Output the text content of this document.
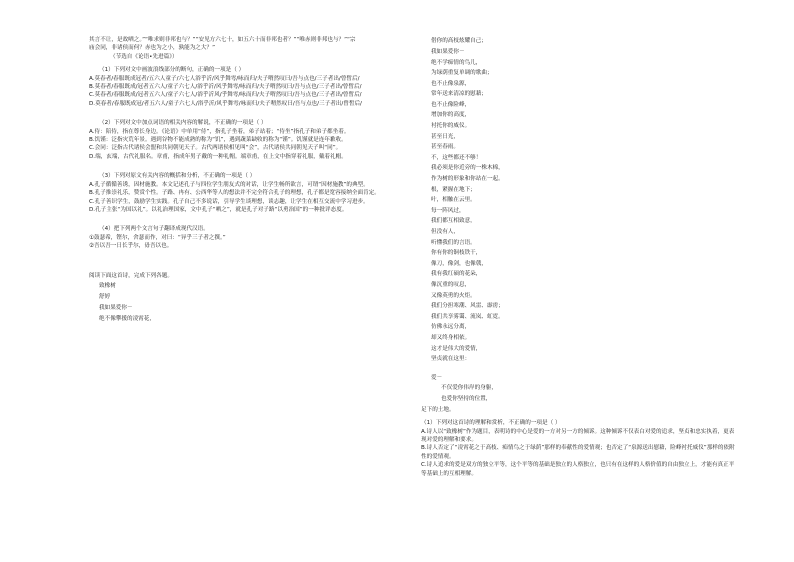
其言不让，是故哂之。”“唯求则非邦也与？”“安见方六七十，如五六十而非邦也者？”“唯赤则非邦也与？”“宗

庙会同，非诸侯而何？赤也为之小，孰能为之大？”

（节选自《论语•先进篇》）

（1）下列对文中画波浪线部分的断句，正确的一项是（ ）

A.莫春者/春服既成冠者/五六人童子/六七人浴乎沂/风乎舞雩/咏而归/夫子喟然叹曰/吾与点也/三子者出/曾皙后/

B.莫春者/春服既成/冠者五六人/童子六七人/浴乎沂/风乎舞雩/咏而归/夫子喟然叹曰/吾与点也/三子者出/曾皙后/

C.莫春者/春服既成/冠者五六人/童子六七人/浴乎沂风/乎舞雩/咏而归/夫子喟然叹曰/吾与点也/三子者出/曾皙后/

D.莫春者/春服既成冠/者五六人/童子六七人/浴乎沂/风乎舞雩/咏而归/夫子喟然叹曰/吾与点也/三子者出/曾皙后/

（2）下列对文中加点词语的相关内容的解说，不正确的一项是（ ）

A.侍：陪侍，指在尊长身边。《论语》中单用“侍”，指孔子坐着，弟子站着；“侍坐”指孔子和弟子都坐着。

B.饥馑：泛指灾荒年景。遇到谷物不能成熟的称为“饥”，遇到蔬菜缺收的称为“馑”。饥馑就是连年歉收。

C.会同：泛指古代诸侯会盟和共同朝见天子。古代两诸侯相见叫“会”，古代诸侯共同朝见天子叫“同”。

D.端，玄端，古代礼服名。章甫，指成年男子戴的一种礼帽。端章甫，在上文中指穿着礼服，戴着礼帽。

（3）下列对原文有关内容的概括和分析，不正确的一项是（ ）

A.孔子循循善诱，因材施教。本文记述孔子与四位学生朋友式的对话，让学生畅所欲言，可谓“因材施教”的典型。

B.孔子推崇礼乐，赞赏个性。子路、冉有、公西华等人的想法并不完全符合孔子的理想，孔子都是宽容接纳全面肯定。

C.孔子善识学生，鼓励学生实践。孔子自己不多说话，引导学生谈理想，谈志趣，让学生在相互交流中学习进步。

D.孔子主张“为国以礼”。以礼治理国家，文中孔子“哂之”，就是孔子对子路“以勇治国”的一种批评态度。

（4）把下列两个文言句子翻译成现代汉语。

①鼓瑟希，铿尔，舍瑟而作，对曰：“异乎三子者之撰。”

②吾以吾一日长乎尔，毋吾以也。

阅读下面这首诗，完成下列各题。

致橡树

舒婷

我如果爱你－

绝不像攀援的凌霄花，

借你的高枝炫耀自己；

我如果爱你－

绝不学痴情的鸟儿，

为绿荫重复单调的歌曲；

也不止像泉源，

常年送来清凉的慰藉；

也不止像险峰，

增加你的高度，

衬托你的威仪。

甚至日光，

甚至春雨。

不，这些都还不够！

我必须是你近旁的一株木棉，

作为树的形象和你站在一起。

根，紧握在地下；

叶，相触在云里。

每一阵风过，

我们都互相致意，

但没有人，

听懂我们的言语。

你有你的铜枝铁干，

像刀，像剑，也像戟，

我有我红硕的花朵，

像沉重的叹息，

又像英勇的火炬。

我们分担寒潮、风雷、霹雳；

我们共享雾霭、流岚、虹霓。

仿佛永远分离，

却又终身相依。

这才是伟大的爱情，

坚贞就在这里：

爱－

不仅爱你伟岸的身躯，

也爱你坚持的位置，

足下的土地。

（1）下列对这首诗的理解和赏析，不正确的一项是（ ）

A.诗人以“致橡树”作为题目，表明诗的中心是爱的一方对另一方的倾诉。这种倾诉不仅表白对爱的追求，坚贞和忠实执着，更表现对爱的理解和要求。

B.诗人否定了“凌霄花之于高枝、痴情鸟之于绿荫”那样的奉献性的爱情观；也否定了“泉源送出慰藉，险峰衬托威仪”那样的依附性的爱情观。

C.诗人追求的爱是双方的独立平等，这个平等的基础是独立的人格独立，也只有在这样的人格价值的自由独立上，才能有真正平等基础上的互相理解。
